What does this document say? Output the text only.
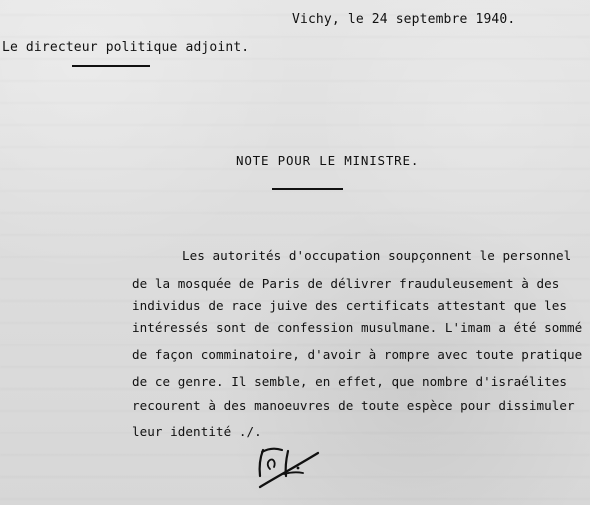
Vichy, le 24 septembre 1940.
Le directeur politique adjoint.
NOTE POUR LE MINISTRE.
Les autorités d'occupation soupçonnent le personnel
de la mosquée de Paris de délivrer frauduleusement à des
individus de race juive des certificats attestant que les
intéressés sont de confession musulmane. L'imam a été sommé
de façon comminatoire, d'avoir à rompre avec toute pratique
de ce genre. Il semble, en effet, que nombre d'israélites
recourent à des manoeuvres de toute espèce pour dissimuler
leur identité ./.
